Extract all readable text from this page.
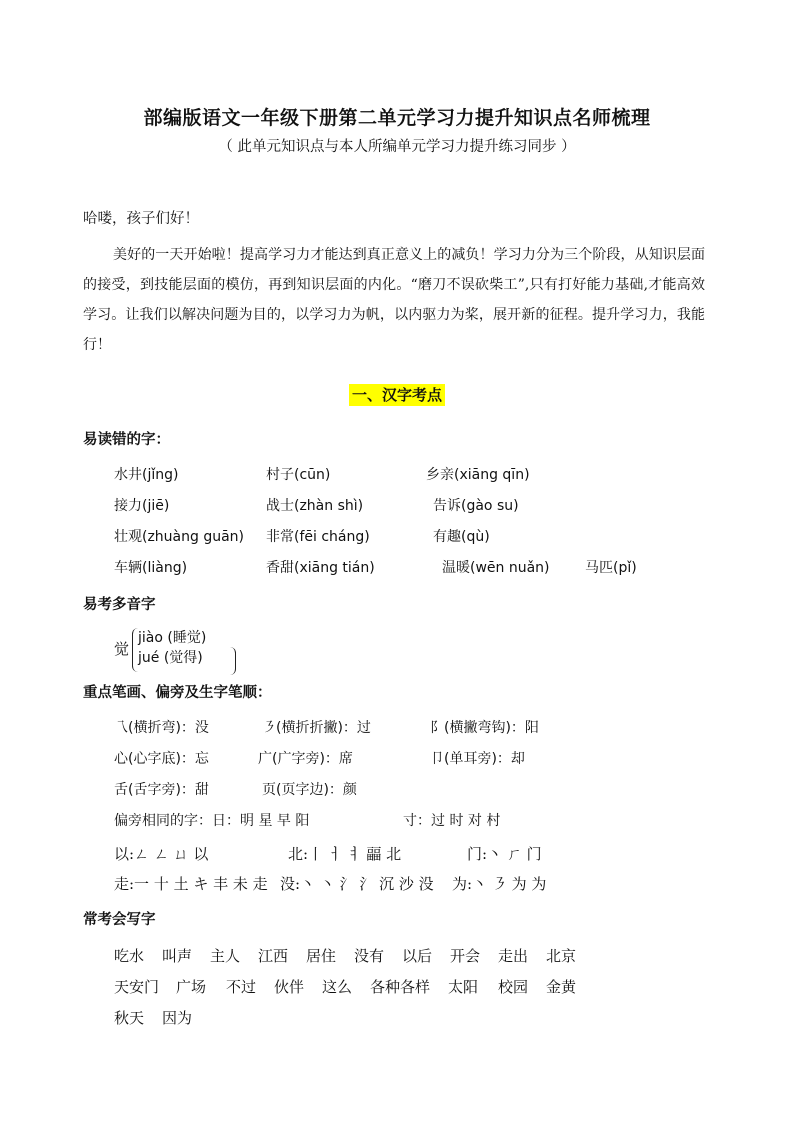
部编版语文一年级下册第二单元学习力提升知识点名师梳理
（ 此单元知识点与本人所编单元学习力提升练习同步 ）
哈喽，孩子们好！
美好的一天开始啦！提高学习力才能达到真正意义上的减负！学习力分为三个阶段，从知识层面的接受，到技能层面的模仿，再到知识层面的内化。“磨刀不误砍柴工”,只有打好能力基础,才能高效学习。让我们以解决问题为目的，以学习力为帆，以内驱力为桨，展开新的征程。提升学习力，我能行！
一、汉字考点
易读错的字：
水井(jǐng)	村子(cūn)	乡亲(xiāng qīn)
接力(jiē)	战士(zhàn shì)	告诉(gào su)
壮观(zhuàng guān) 非常(fēi cháng)	有趣(qù)
车辆(liàng)	香甜(xiāng tián)	温暖(wēn nuǎn)	马匹(pǐ)
易考多音字
觉
jiào (睡觉)
jué (觉得)
重点笔画、偏旁及生字笔顺：
乁(横折弯)：没	㇋(横折折撇)：过	阝(横撇弯钩)：阳
心(心字底)：忘	广(广字旁)：席	卩(单耳旁)：却
舌(舌字旁)：甜	页(页字边)：颜
偏旁相同的字：日：明 星 早 阳	寸：过 时 对 村
以:ㄥ ㄥ ㄩ 以	北:丨 ㅓ ㅕ 㽬 北	门:丶 ㄏ 门
走:一 十 土 キ 丰 未 走 没:丶 丶 氵 氵 沉 沙 没 为:丶 ㇋ 为 为
常考会写字
吃水 叫声 主人 江西 居住 没有 以后 开会 走出 北京
天安门 广场 不过 伙伴 这么 各种各样 太阳 校园 金黄
秋天 因为
